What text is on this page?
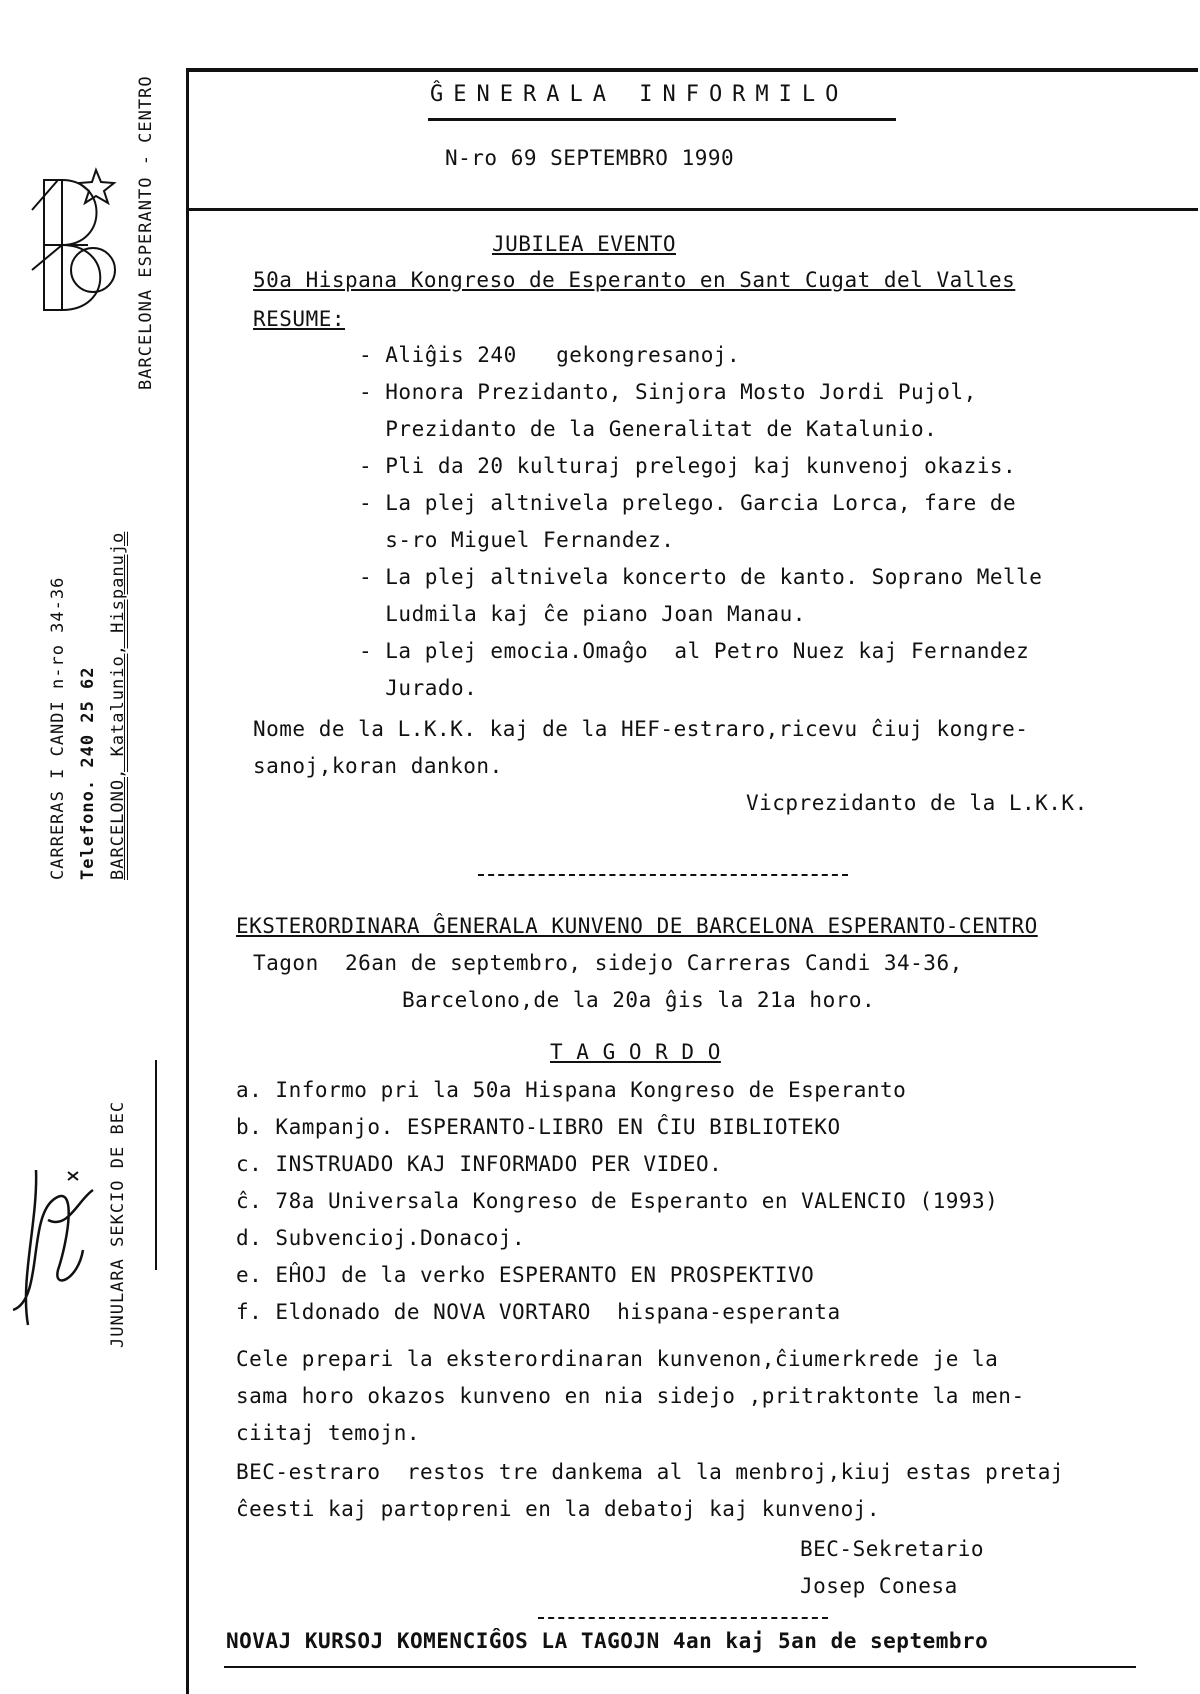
BARCELONA ESPERANTO - CENTRO
CARRERAS I CANDI n-ro 34-36 Telefono. 240 25 62 BARCELONO, Katalunio, Hispanujo
JUNULARA SEKCIO DE BEC
ĜENERALA INFORMILO
N-ro 69 SEPTEMBRO 1990
JUBILEA EVENTO
50a Hispana Kongreso de Esperanto en Sant Cugat del Valles
RESUME:
- Aliĝis 240   gekongresanoj.
- Honora Prezidanto, Sinjora Mosto Jordi Pujol,
Prezidanto de la Generalitat de Katalunio.
- Pli da 20 kulturaj prelegoj kaj kunvenoj okazis.
- La plej altnivela prelego. Garcia Lorca, fare de
s-ro Miguel Fernandez.
- La plej altnivela koncerto de kanto. Soprano Melle
Ludmila kaj ĉe piano Joan Manau.
- La plej emocia.Omaĝo  al Petro Nuez kaj Fernandez
Jurado.
Nome de la L.K.K. kaj de la HEF-estraro,ricevu ĉiuj kongre-
sanoj,koran dankon.
Vicprezidanto de la L.K.K.
EKSTERORDINARA ĜENERALA KUNVENO DE BARCELONA ESPERANTO-CENTRO
Tagon  26an de septembro, sidejo Carreras Candi 34-36,
Barcelono,de la 20a ĝis la 21a horo.
T A G O R D O
a. Informo pri la 50a Hispana Kongreso de Esperanto
b. Kampanjo. ESPERANTO-LIBRO EN ĈIU BIBLIOTEKO
c. INSTRUADO KAJ INFORMADO PER VIDEO.
ĉ. 78a Universala Kongreso de Esperanto en VALENCIO (1993)
d. Subvencioj.Donacoj.
e. EĤOJ de la verko ESPERANTO EN PROSPEKTIVO
f. Eldonado de NOVA VORTARO  hispana-esperanta
Cele prepari la eksterordinaran kunvenon,ĉiumerkrede je la
sama horo okazos kunveno en nia sidejo ,pritraktonte la men-
ciitaj temojn.
BEC-estraro  restos tre dankema al la menbroj,kiuj estas pretaj
ĉeesti kaj partopreni en la debatoj kaj kunvenoj.
BEC-Sekretario
Josep Conesa
NOVAJ KURSOJ KOMENCIĜOS LA TAGOJN 4an kaj 5an de septembro
